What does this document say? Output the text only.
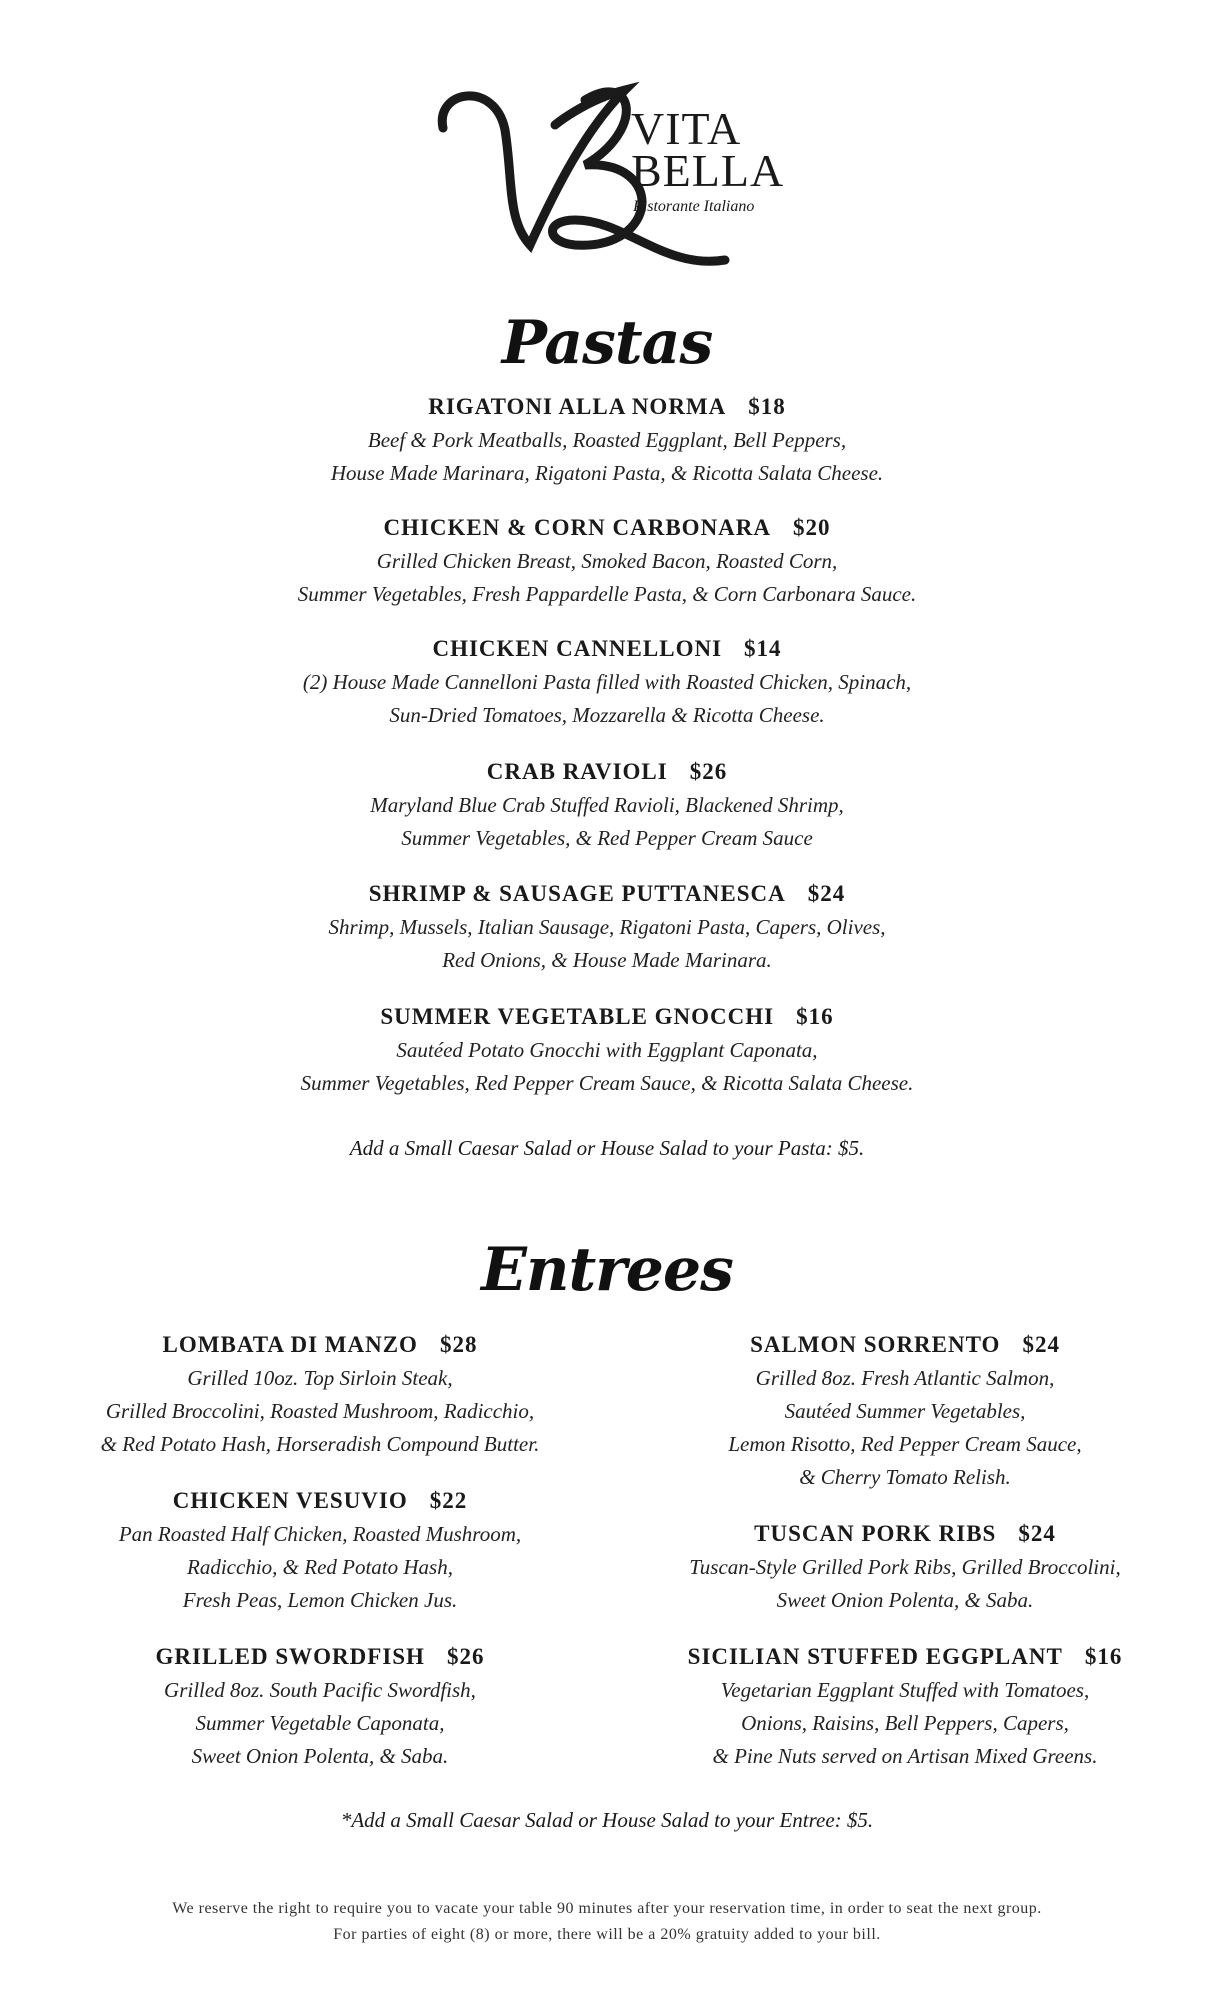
VITA
BELLA
Ristorante Italiano
Pastas
RIGATONI ALLA NORMA $18
Beef & Pork Meatballs, Roasted Eggplant, Bell Peppers,
House Made Marinara, Rigatoni Pasta, & Ricotta Salata Cheese.
CHICKEN & CORN CARBONARA $20
Grilled Chicken Breast, Smoked Bacon, Roasted Corn,
Summer Vegetables, Fresh Pappardelle Pasta, & Corn Carbonara Sauce.
CHICKEN CANNELLONI $14
(2) House Made Cannelloni Pasta filled with Roasted Chicken, Spinach,
Sun-Dried Tomatoes, Mozzarella & Ricotta Cheese.
CRAB RAVIOLI $26
Maryland Blue Crab Stuffed Ravioli, Blackened Shrimp,
Summer Vegetables, & Red Pepper Cream Sauce
SHRIMP & SAUSAGE PUTTANESCA $24
Shrimp, Mussels, Italian Sausage, Rigatoni Pasta, Capers, Olives,
Red Onions, & House Made Marinara.
SUMMER VEGETABLE GNOCCHI $16
Sautéed Potato Gnocchi with Eggplant Caponata,
Summer Vegetables, Red Pepper Cream Sauce, & Ricotta Salata Cheese.
Add a Small Caesar Salad or House Salad to your Pasta: $5.
Entrees
LOMBATA DI MANZO $28
Grilled 10oz. Top Sirloin Steak,
Grilled Broccolini, Roasted Mushroom, Radicchio,
& Red Potato Hash, Horseradish Compound Butter.
CHICKEN VESUVIO $22
Pan Roasted Half Chicken, Roasted Mushroom,
Radicchio, & Red Potato Hash,
Fresh Peas, Lemon Chicken Jus.
GRILLED SWORDFISH $26
Grilled 8oz. South Pacific Swordfish,
Summer Vegetable Caponata,
Sweet Onion Polenta, & Saba.
SALMON SORRENTO $24
Grilled 8oz. Fresh Atlantic Salmon,
Sautéed Summer Vegetables,
Lemon Risotto, Red Pepper Cream Sauce,
& Cherry Tomato Relish.
TUSCAN PORK RIBS $24
Tuscan-Style Grilled Pork Ribs, Grilled Broccolini,
Sweet Onion Polenta, & Saba.
SICILIAN STUFFED EGGPLANT $16
Vegetarian Eggplant Stuffed with Tomatoes,
Onions, Raisins, Bell Peppers, Capers,
& Pine Nuts served on Artisan Mixed Greens.
*Add a Small Caesar Salad or House Salad to your Entree: $5.
We reserve the right to require you to vacate your table 90 minutes after your reservation time, in order to seat the next group.
For parties of eight (8) or more, there will be a 20% gratuity added to your bill.
